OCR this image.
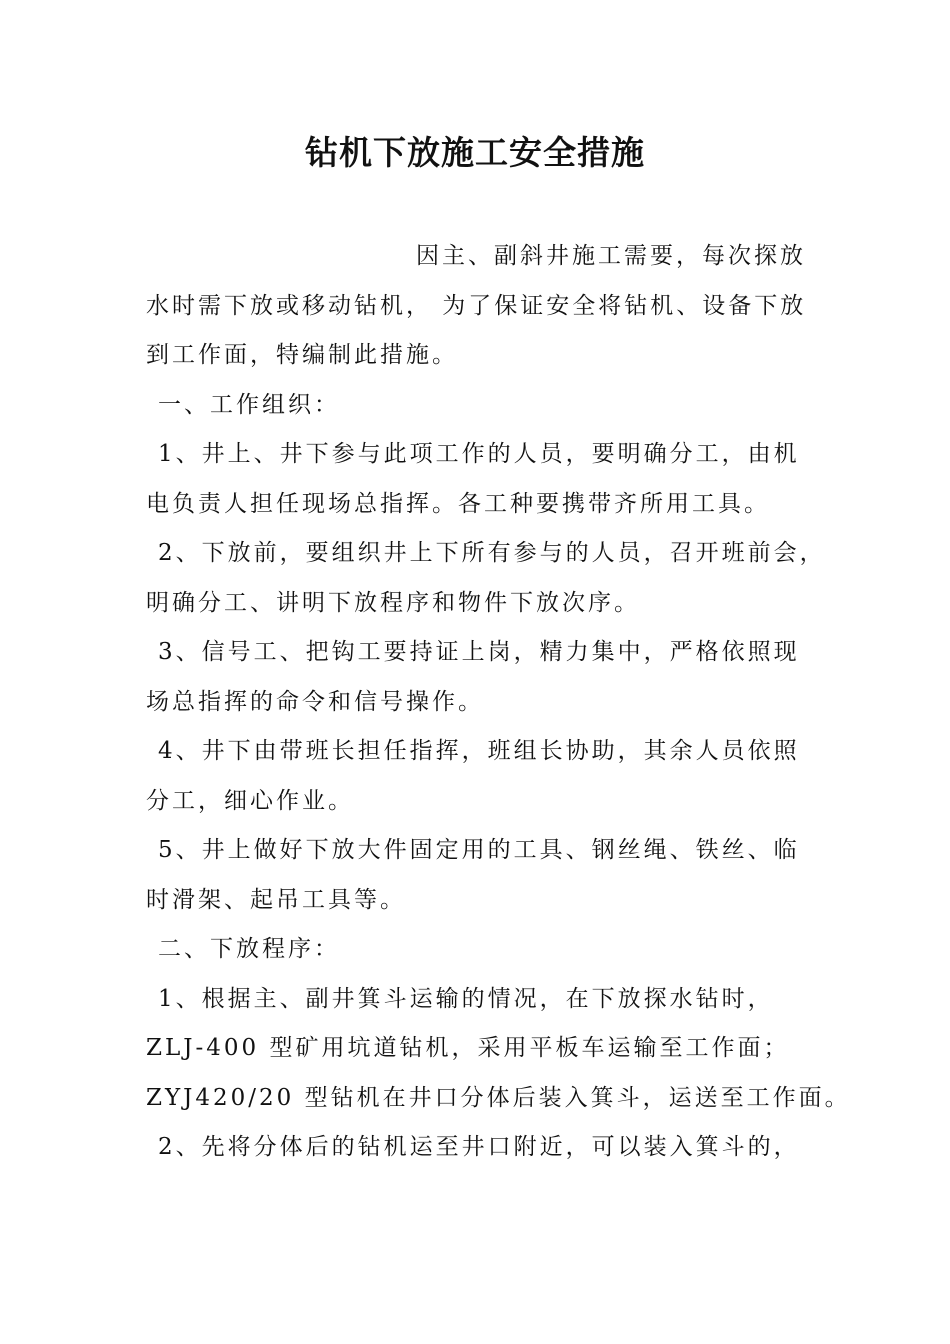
钻机下放施工安全措施
因主、副斜井施工需要，每次探放
水时需下放或移动钻机， 为了保证安全将钻机、设备下放
到工作面，特编制此措施。
一、工作组织：
1、井上、井下参与此项工作的人员，要明确分工，由机
电负责人担任现场总指挥。各工种要携带齐所用工具。
2、下放前，要组织井上下所有参与的人员，召开班前会，
明确分工、讲明下放程序和物件下放次序。
3、信号工、把钩工要持证上岗，精力集中，严格依照现
场总指挥的命令和信号操作。
4、井下由带班长担任指挥，班组长协助，其余人员依照
分工，细心作业。
5、井上做好下放大件固定用的工具、钢丝绳、铁丝、临
时滑架、起吊工具等。
二、下放程序：
1、根据主、副井箕斗运输的情况，在下放探水钻时，
ZLJ-400 型矿用坑道钻机，采用平板车运输至工作面；
ZYJ420/20 型钻机在井口分体后装入箕斗，运送至工作面。
2、先将分体后的钻机运至井口附近，可以装入箕斗的，
